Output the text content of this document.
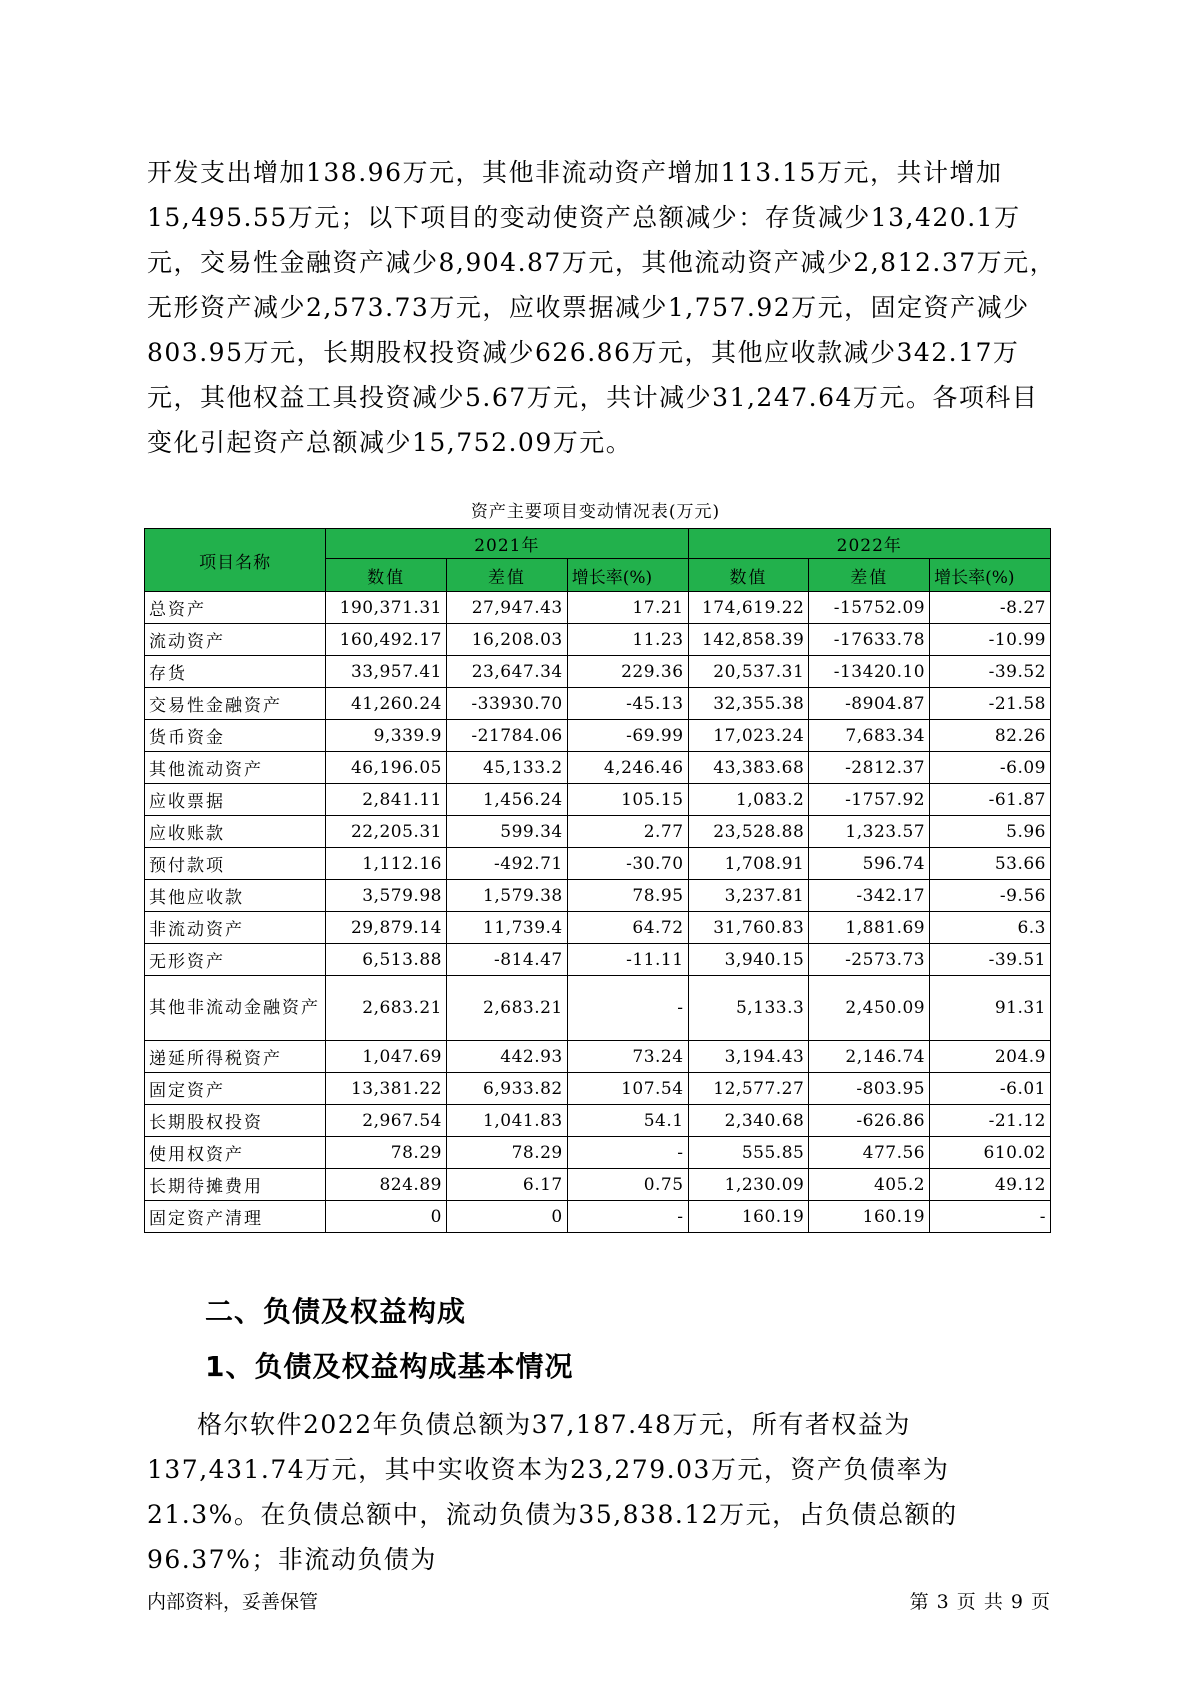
开发支出增加138.96万元，其他非流动资产增加113.15万元，共计增加15,495.55万元；以下项目的变动使资产总额减少：存货减少13,420.1万元，交易性金融资产减少8,904.87万元，其他流动资产减少2,812.37万元，无形资产减少2,573.73万元，应收票据减少1,757.92万元，固定资产减少803.95万元，长期股权投资减少626.86万元，其他应收款减少342.17万元，其他权益工具投资减少5.67万元，共计减少31,247.64万元。各项科目变化引起资产总额减少15,752.09万元。

资产主要项目变动情况表(万元)
项目名称	2021年			2022年		
	数值	差值	增长率(%)	数值	差值	增长率(%)
总资产	190,371.31	27,947.43	17.21	174,619.22	-15752.09	-8.27
流动资产	160,492.17	16,208.03	11.23	142,858.39	-17633.78	-10.99
存货	33,957.41	23,647.34	229.36	20,537.31	-13420.10	-39.52
交易性金融资产	41,260.24	-33930.70	-45.13	32,355.38	-8904.87	-21.58
货币资金	9,339.9	-21784.06	-69.99	17,023.24	7,683.34	82.26
其他流动资产	46,196.05	45,133.2	4,246.46	43,383.68	-2812.37	-6.09
应收票据	2,841.11	1,456.24	105.15	1,083.2	-1757.92	-61.87
应收账款	22,205.31	599.34	2.77	23,528.88	1,323.57	5.96
预付款项	1,112.16	-492.71	-30.70	1,708.91	596.74	53.66
其他应收款	3,579.98	1,579.38	78.95	3,237.81	-342.17	-9.56
非流动资产	29,879.14	11,739.4	64.72	31,760.83	1,881.69	6.3
无形资产	6,513.88	-814.47	-11.11	3,940.15	-2573.73	-39.51
其他非流动金融资产	2,683.21	2,683.21	-	5,133.3	2,450.09	91.31
递延所得税资产	1,047.69	442.93	73.24	3,194.43	2,146.74	204.9
固定资产	13,381.22	6,933.82	107.54	12,577.27	-803.95	-6.01
长期股权投资	2,967.54	1,041.83	54.1	2,340.68	-626.86	-21.12
使用权资产	78.29	78.29	-	555.85	477.56	610.02
长期待摊费用	824.89	6.17	0.75	1,230.09	405.2	49.12
固定资产清理	0	0	-	160.19	160.19	-
二、负债及权益构成
1、负债及权益构成基本情况

格尔软件2022年负债总额为37,187.48万元，所有者权益为137,431.74万元，其中实收资本为23,279.03万元，资产负债率为21.3%。在负债总额中，流动负债为35,838.12万元，占负债总额的96.37%；非流动负债为

内部资料，妥善保管	第 3 页 共 9 页
